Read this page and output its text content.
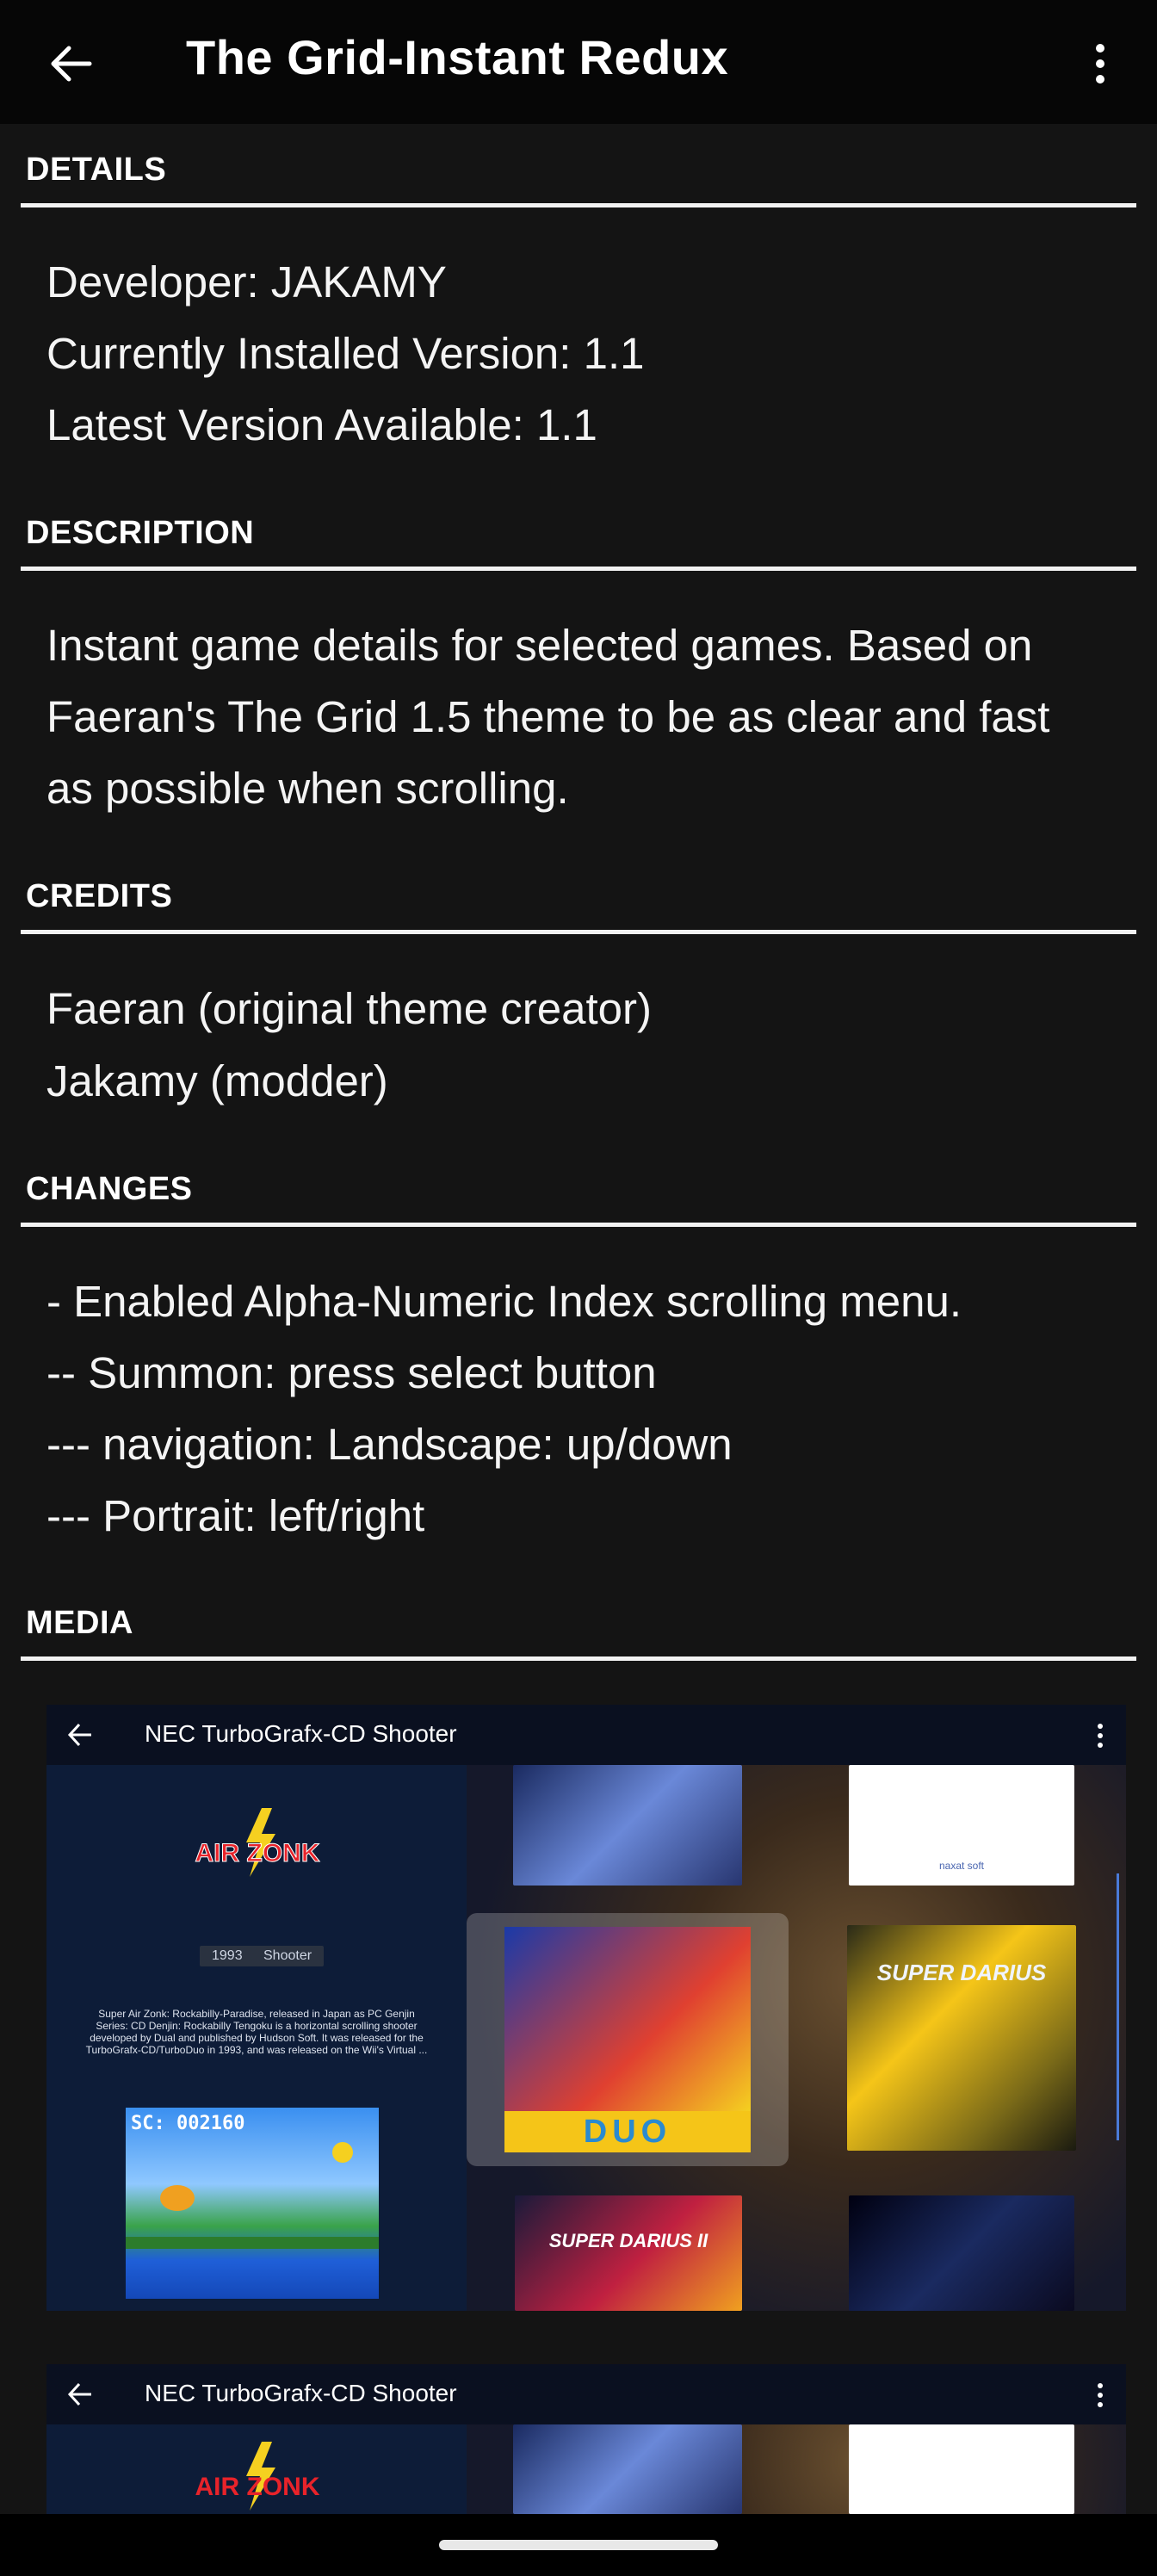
The Grid-Instant Redux
DETAILS
Developer: JAKAMY
Currently Installed Version: 1.1
Latest Version Available: 1.1
DESCRIPTION
Instant game details for selected games. Based on
Faeran's The Grid 1.5 theme to be as clear and fast
as possible when scrolling.
CREDITS
Faeran (original theme creator)
Jakamy (modder)
CHANGES
- Enabled Alpha-Numeric Index scrolling menu.
-- Summon: press select button
--- navigation: Landscape: up/down
--- Portrait: left/right
MEDIA
NEC TurboGrafx-CD Shooter
AIR ZONK
1993	Shooter
Super Air Zonk: Rockabilly-Paradise, released in Japan as PC Genjin Series: CD Denjin: Rockabilly Tengoku is a horizontal scrolling shooter developed by Dual and published by Hudson Soft. It was released for the TurboGrafx-CD/TurboDuo in 1993, and was released on the Wii's Virtual ...
SC: 002160
naxat soft
DUO
SUPER DARIUS
SUPER DARIUS II
NEC TurboGrafx-CD Shooter
AIR ZONK
